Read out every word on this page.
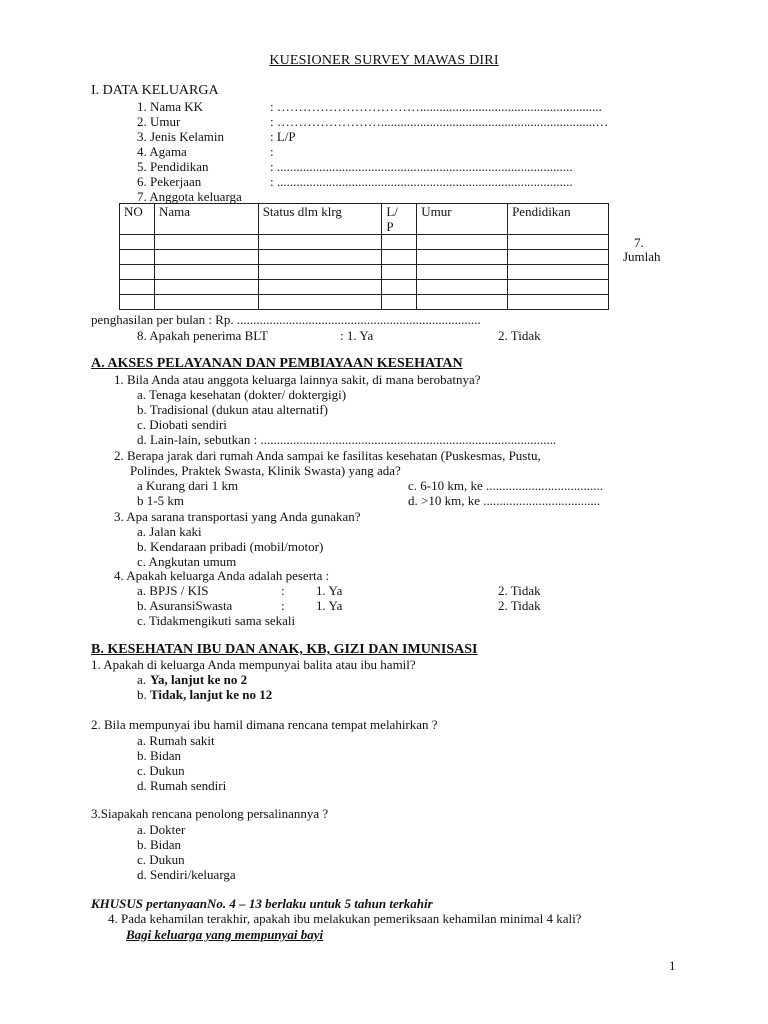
KUESIONER SURVEY MAWAS DIRI
I. DATA KELUARGA
1. Nama KK	: ……………………………........................................................
2. Umur	: ……………………..................................................................…
3. Jenis Kelamin	: L/P
4. Agama	:
5. Pendidikan	: ...........................................................................................
6. Pekerjaan	: ...........................................................................................
7. Anggota keluarga
NO	Nama	Status dlm klrg	L/ P	Umur	Pendidikan

7.
Jumlah
penghasilan per bulan : Rp. ...........................................................................
8. Apakah penerima BLT	: 1. Ya	2. Tidak
A. AKSES PELAYANAN DAN PEMBIAYAAN KESEHATAN
1. Bila Anda atau anggota keluarga lainnya sakit, di mana berobatnya?
a. Tenaga kesehatan (dokter/ doktergigi)
b. Tradisional (dukun atau alternatif)
c. Diobati sendiri
d. Lain-lain, sebutkan : ...........................................................................................
2. Berapa jarak dari rumah Anda sampai ke fasilitas kesehatan (Puskesmas, Pustu,
Polindes, Praktek Swasta, Klinik Swasta) yang ada?
a Kurang dari 1 km
b 1-5 km
c. 6-10 km, ke ....................................
d. >10 km, ke ....................................
3. Apa sarana transportasi yang Anda gunakan?
a. Jalan kaki
b. Kendaraan pribadi (mobil/motor)
c. Angkutan umum
4. Apakah keluarga Anda adalah peserta :
a. BPJS / KIS	: 1. Ya	2. Tidak
b. AsuransiSwasta	: 1. Ya	2. Tidak
c. Tidakmengikuti sama sekali
B. KESEHATAN IBU DAN ANAK, KB, GIZI DAN IMUNISASI
1. Apakah di keluarga Anda mempunyai balita atau ibu hamil?
a. Ya, lanjut ke no 2
b. Tidak, lanjut ke no 12
2. Bila mempunyai ibu hamil dimana rencana tempat melahirkan ?
a. Rumah sakit
b. Bidan
c. Dukun
d. Rumah sendiri
3.Siapakah rencana penolong persalinannya ?
a. Dokter
b. Bidan
c. Dukun
d. Sendiri/keluarga
KHUSUS pertanyaanNo. 4 – 13 berlaku untuk 5 tahun terkahir
4. Pada kehamilan terakhir, apakah ibu melakukan pemeriksaan kehamilan minimal 4 kali?
Bagi keluarga yang mempunyai bayi
1
